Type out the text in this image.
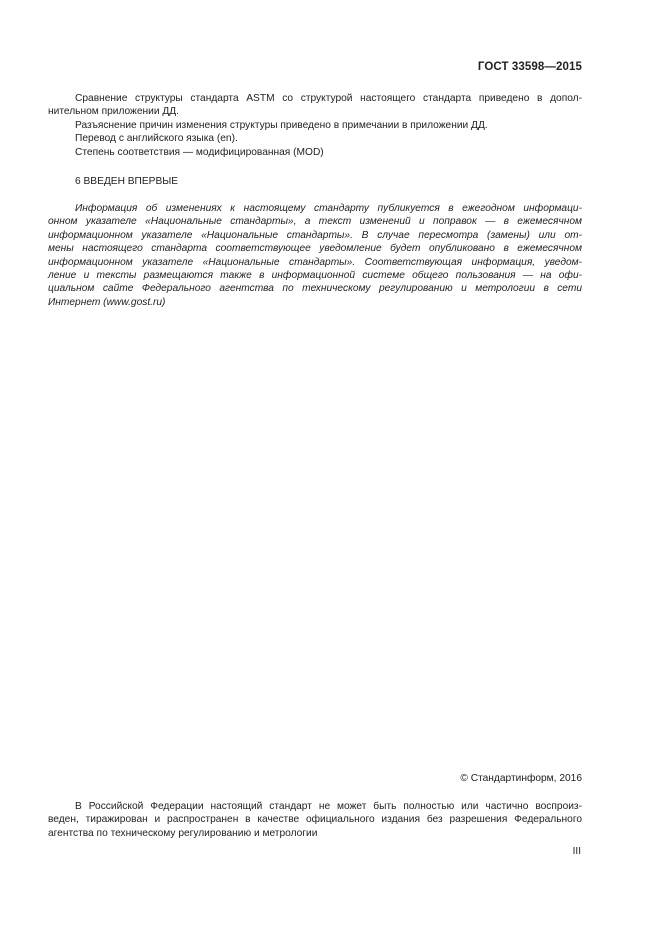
ГОСТ 33598—2015
Сравнение структуры стандарта ASTM со структурой настоящего стандарта приведено в допол-
нительном приложении ДД.
Разъяснение причин изменения структуры приведено в примечании в приложении ДД.
Перевод с английского языка (en).
Степень соответствия — модифицированная (MOD)
6 ВВЕДЕН ВПЕРВЫЕ
Информация об изменениях к настоящему стандарту публикуется в ежегодном информаци-
онном указателе «Национальные стандарты», а текст изменений и поправок — в ежемесячном
информационном указателе «Национальные стандарты». В случае пересмотра (замены) или от-
мены настоящего стандарта соответствующее уведомление будет опубликовано в ежемесячном
информационном указателе «Национальные стандарты». Соответствующая информация, уведом-
ление и тексты размещаются также в информационной системе общего пользования — на офи-
циальном сайте Федерального агентства по техническому регулированию и метрологии в сети
Интернет (www.gost.ru)
© Стандартинформ, 2016
В Российской Федерации настоящий стандарт не может быть полностью или частично воспроиз-
веден, тиражирован и распространен в качестве официального издания без разрешения Федерального
агентства по техническому регулированию и метрологии
III
